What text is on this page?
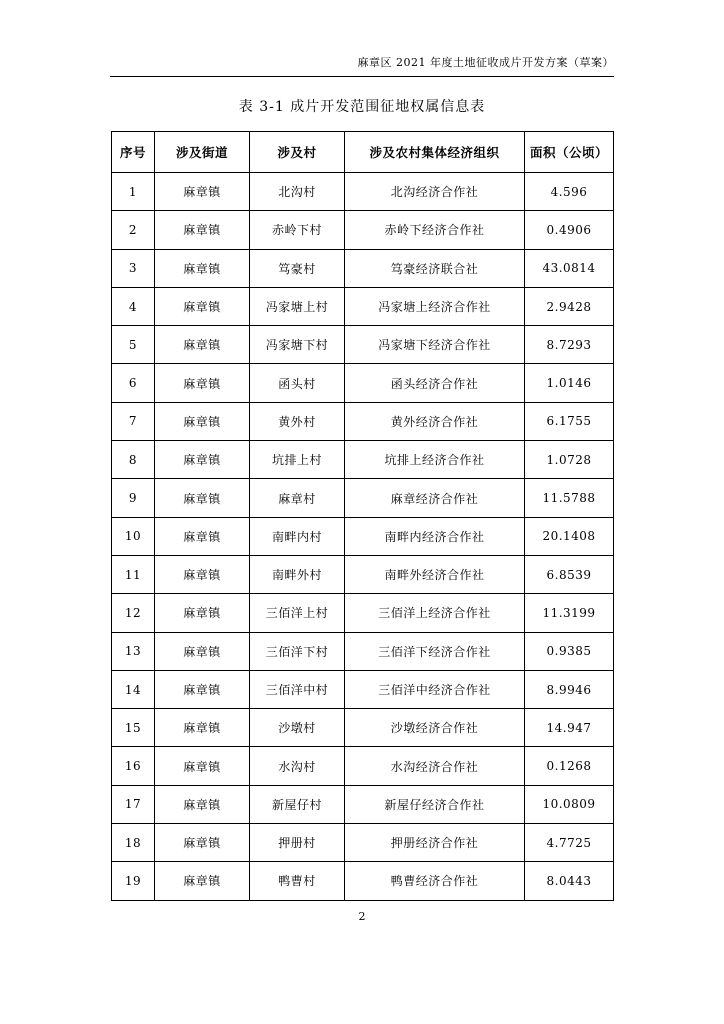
麻章区 2021 年度土地征收成片开发方案（草案）
表 3-1 成片开发范围征地权属信息表
序号	涉及街道	涉及村	涉及农村集体经济组织	面积（公顷）
1	麻章镇	北沟村	北沟经济合作社	4.596
2	麻章镇	赤岭下村	赤岭下经济合作社	0.4906
3	麻章镇	笃豪村	笃豪经济联合社	43.0814
4	麻章镇	冯家塘上村	冯家塘上经济合作社	2.9428
5	麻章镇	冯家塘下村	冯家塘下经济合作社	8.7293
6	麻章镇	函头村	函头经济合作社	1.0146
7	麻章镇	黄外村	黄外经济合作社	6.1755
8	麻章镇	坑排上村	坑排上经济合作社	1.0728
9	麻章镇	麻章村	麻章经济合作社	11.5788
10	麻章镇	南畔内村	南畔内经济合作社	20.1408
11	麻章镇	南畔外村	南畔外经济合作社	6.8539
12	麻章镇	三佰洋上村	三佰洋上经济合作社	11.3199
13	麻章镇	三佰洋下村	三佰洋下经济合作社	0.9385
14	麻章镇	三佰洋中村	三佰洋中经济合作社	8.9946
15	麻章镇	沙墩村	沙墩经济合作社	14.947
16	麻章镇	水沟村	水沟经济合作社	0.1268
17	麻章镇	新屋仔村	新屋仔经济合作社	10.0809
18	麻章镇	押册村	押册经济合作社	4.7725
19	麻章镇	鸭曹村	鸭曹经济合作社	8.0443
2
